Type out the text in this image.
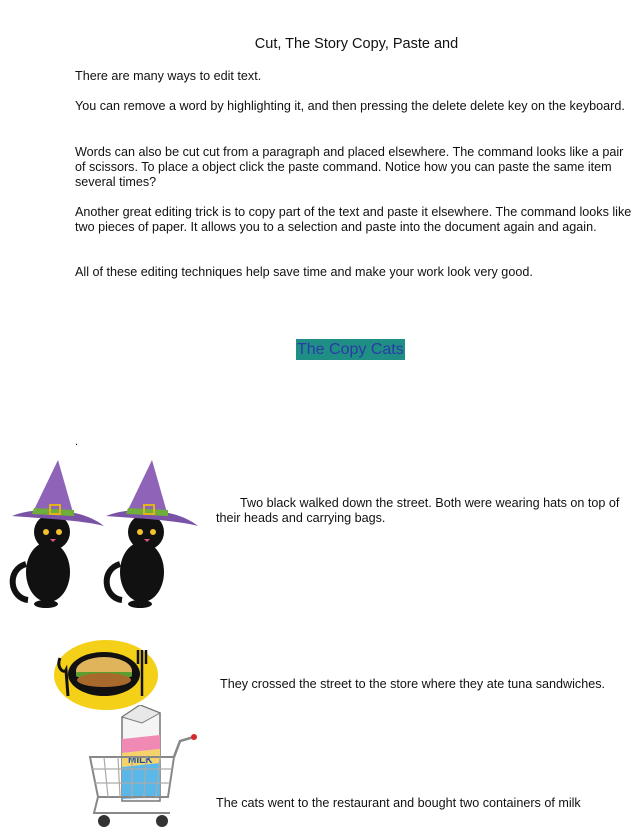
Cut, The Story Copy, Paste and
There are many ways to edit text.
You can remove a word by highlighting it, and then pressing the delete delete key on the keyboard.
Words can also be cut cut from a paragraph and placed elsewhere. The command looks like a pair of scissors. To place a object click the paste command. Notice how you can paste the same item several times?
Another great editing trick is to copy part of the text and paste it elsewhere. The command looks like two pieces of paper. It allows you to a selection and paste into the document again and again.
All of these editing techniques help save time and make your work look very good.
The Copy Cats
.
Two black walked down the street. Both were wearing hats on top of their heads and carrying bags.
They crossed the street to the store where they ate tuna sandwiches.
MILK
The cats went to the restaurant and bought two containers of milk
